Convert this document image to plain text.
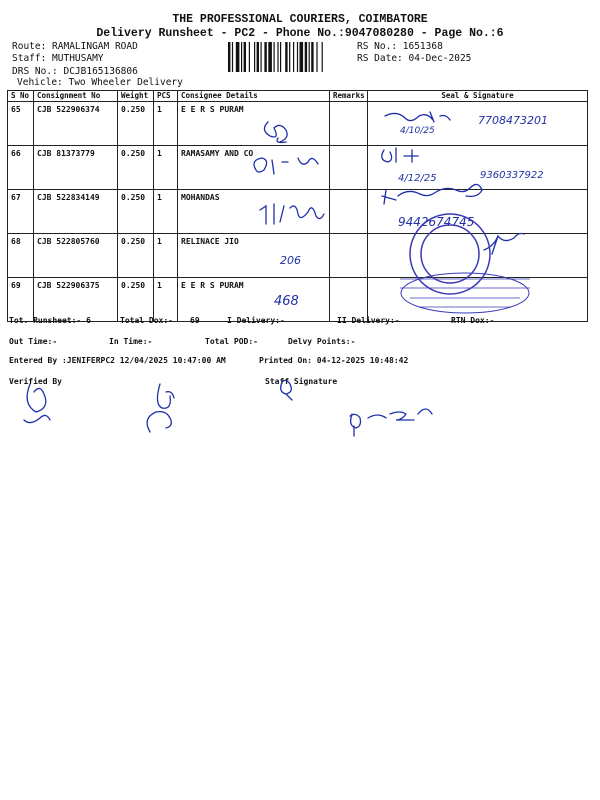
THE PROFESSIONAL COURIERS, COIMBATORE
Delivery Runsheet - PC2 - Phone No.:9047080280 - Page No.:6
Route: RAMALINGAM ROAD
Staff: MUTHUSAMY
DRS No.: DCJB165136806
Vehicle: Two Wheeler Delivery
RS No.: 1651368
RS Date: 04-Dec-2025
S No	Consignment No	Weight	PCS	Consignee Details	Remarks	Seal & Signature
65	CJB 522906374	0.250	1	E E R S PURAM		
66	CJB 81373779	0.250	1	RAMASAMY AND CO		
67	CJB 522834149	0.250	1	MOHANDAS		
68	CJB 522805760	0.250	1	RELINACE JIO		
69	CJB 522906375	0.250	1	E E R S PURAM		
Tot. Runsheet:- 6	Total Dox:- 69	I Delivery:-	II Delivery:-	RTN Dox:-
Out Time:-	In Time:-	Total POD:-	Delvy Points:-
Entered By :JENIFERPC2 12/04/2025 10:47:00 AM	Printed On: 04-12-2025 10:48:42
Verified By	Staff Signature
4/10/25
7708473201
4/12/25	9360337922
9442674745
206
468
